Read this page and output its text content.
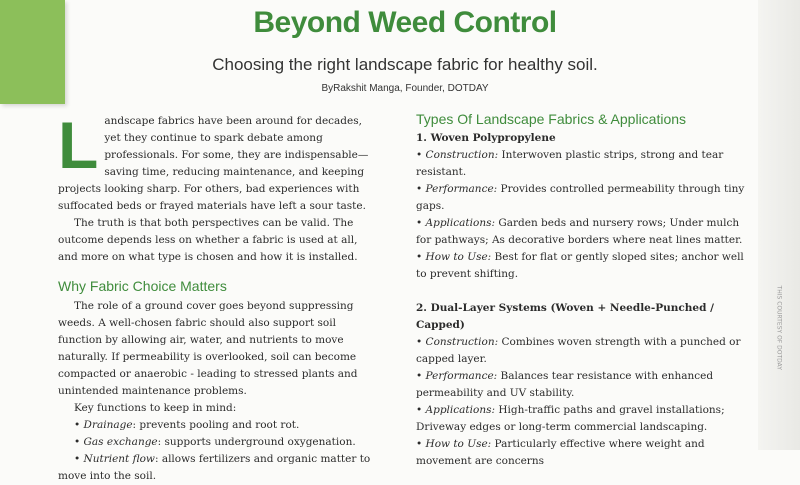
THIS COURTESY OF DOTDAY
Beyond Weed Control
Choosing the right landscape fabric for healthy soil.
ByRakshit Manga, Founder, DOTDAY

Landscape fabrics have been around for decades, yet they continue to spark debate among professionals. For some, they are indispensable—saving time, reducing maintenance, and keeping projects looking sharp. For others, bad experiences with suffocated beds or frayed materials have left a sour taste.

The truth is that both perspectives can be valid. The outcome depends less on whether a fabric is used at all, and more on what type is chosen and how it is installed.

Why Fabric Choice Matters

The role of a ground cover goes beyond suppressing weeds. A well-chosen fabric should also support soil function by allowing air, water, and nutrients to move naturally. If permeability is overlooked, soil can become compacted or anaerobic - leading to stressed plants and unintended maintenance problems.

Key functions to keep in mind:

• Drainage: prevents pooling and root rot.

• Gas exchange: supports underground oxygenation.

• Nutrient flow: allows fertilizers and organic matter to move into the soil.

Types Of Landscape Fabrics & Applications
1. Woven Polypropylene

• Construction: Interwoven plastic strips, strong and tear resistant.

• Performance: Provides controlled permeability through tiny gaps.

• Applications: Garden beds and nursery rows; Under mulch for pathways; As decorative borders where neat lines matter.

• How to Use: Best for flat or gently sloped sites; anchor well to prevent shifting.

2. Dual-Layer Systems (Woven + Needle-Punched / Capped)

• Construction: Combines woven strength with a punched or capped layer.

• Performance: Balances tear resistance with enhanced permeability and UV stability.

• Applications: High-traffic paths and gravel installations; Driveway edges or long-term commercial landscaping.

• How to Use: Particularly effective where weight and movement are concerns
